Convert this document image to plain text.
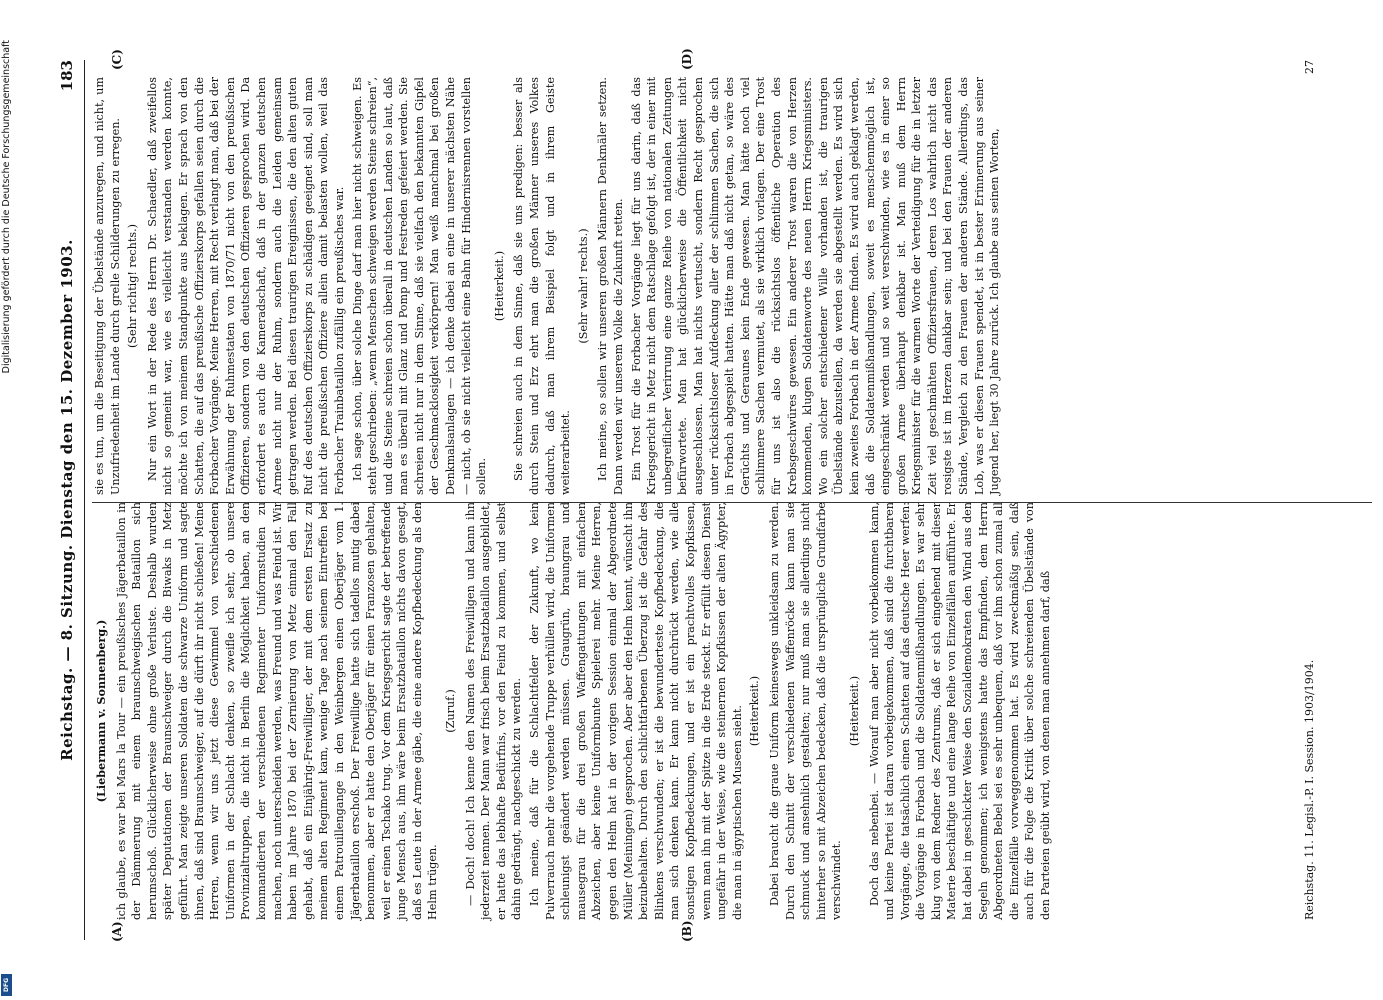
Reichstag. — 8. Sitzung. Dienstag den 15. Dezember 1903.
183
(A)	(B)
(C)	(D)

(Liebermann v. Sonnenberg.) ich glaube, es war bei Mars la Tour — ein preußisches Jägerbataillon in der Dämmerung mit einem braunschweigischen Bataillon sich herumschoß. Glücklicherweise ohne große Verluste. Deshalb wurden später Deputationen der Braunschweiger durch die Biwaks in Metz geführt. Man zeigte unseren Soldaten die schwarze Uniform und sagte ihnen, daß sind Braunschweiger, auf die dürft ihr nicht schießen! Meine Herren, wenn wir uns jetzt diese Gewimmel von verschiedenen Uniformen in der Schlacht denken, so zweifle ich sehr, ob unsere Provinzialtruppen, die nicht in Berlin die Möglichkeit haben, an den kommandierten der verschiedenen Regimenter Uniformstudien zu machen, noch unterscheiden werden, was Freund und was Feind ist. Wir haben im Jahre 1870 bei der Zernierung von Metz einmal den Fall gehabt, daß ein Einjährig-Freiwilliger, der mit dem ersten Ersatz zu meinem alten Regiment kam, wenige Tage nach seinem Eintreffen bei einem Patrouillengange in den Weinbergen einen Oberjäger vom 1. Jägerbataillon erschoß. Der Freiwillige hatte sich tadellos mutig dabei benommen, aber er hatte den Oberjäger für einen Franzosen gehalten, weil er einen Tschako trug. Vor dem Kriegsgericht sagte der betreffende junge Mensch aus, ihm wäre beim Ersatzbataillon nichts davon gesagt, daß es Leute in der Armee gäbe, die eine andere Kopfbedeckung als den Helm trügen.

(Zuruf.) — Doch! doch! Ich kenne den Namen des Freiwilligen und kann ihn jederzeit nennen. Der Mann war frisch beim Ersatzbataillon ausgebildet, er hatte das lebhafte Bedürfnis, vor den Feind zu kommen, und selbst dahin gedrängt, nachgeschickt zu werden. Ich meine, daß für die Schlachtfelder der Zukunft, wo kein Pulverrauch mehr die vorgehende Truppe verhüllen wird, die Uniformen schleunigst geändert werden müssen. Graugrün, braungrau und mausegrau für die drei großen Waffengattungen mit einfachen Abzeichen, aber keine Uniformbunte Spielerei mehr. Meine Herren, gegen den Helm hat in der vorigen Session einmal der Abgeordnete Müller (Meiningen) gesprochen. Aber aber den Helm kennt, wünscht ihn beizubehalten. Durch den schlichtfarbenen Überzug ist die Gefahr des Blinkens verschwunden; er ist die bewunderteste Kopfbedeckung, die man sich denken kann. Er kann nicht durchrückt werden, wie alle sonstigen Kopfbedeckungen, und er ist ein prachtvolles Kopfkissen, wenn man ihn mit der Spitze in die Erde steckt. Er erfüllt diesen Dienst ungefähr in der Weise, wie die steinernen Kopfkissen der alten Ägypter, die man in ägyptischen Museen sieht. (Heiterkeit.) Dabei braucht die graue Uniform keineswegs unkleidsam zu werden. Durch den Schnitt der verschiedenen Waffenröcke kann man sie schmuck und ansehnlich gestalten; nur muß man sie allerdings nicht hinterher so mit Abzeichen bedecken, daß die ursprüngliche Grundfarbe verschwindet.

(Heiterkeit.) Doch das nebenbei. — Worauf man aber nicht vorbeikommen kann, und keine Partei ist daran vorbeigekommen, daß sind die furchtbaren Vorgänge, die tatsächlich einen Schatten auf das deutsche Heer werfen: die Vorgänge in Forbach und die Soldatenmißhandlungen. Es war sehr klug von dem Redner des Zentrums, daß er sich eingehend mit dieser Materie beschäftigte und eine lange Reihe von Einzelfällen aufführte. Er hat dabei in geschickter Weise den Sozialdemokraten den Wind aus den Segeln genommen; ich wenigstens hatte das Empfinden, dem Herrn Abgeordneten Bebel sei es sehr unbequem, daß vor ihm schon zumal all die Einzelfälle vorweggenommen hat. Es wird zweckmäßig sein, daß auch für die Folge die Kritik über solche schreienden Übelstände von den Parteien geübt wird, von denen man annehmen darf, daß

sie es tun, um die Beseitigung der Übelstände anzuregen, und nicht, um Unzufriedenheit im Lande durch grelle Schilderungen zu erregen. (Sehr richtig! rechts.) Nur ein Wort in der Rede des Herrn Dr. Schaedler, daß zweifellos nicht so gemeint war, wie es vielleicht verstanden werden konnte, möchte ich von meinem Standpunkte aus beklagen. Er sprach von den Schatten, die auf das preußische Offizierskorps gefallen seien durch die Forbacher Vorgänge. Meine Herren, mit Recht verlangt man, daß bei der Erwähnung der Ruhmestaten von 1870/71 nicht von den preußischen Offizieren, sondern von den deutschen Offizieren gesprochen wird. Da erfordert es auch die Kameradschaft, daß in der ganzen deutschen Armee nicht nur der Ruhm, sondern auch die Leiden gemeinsam getragen werden. Bei diesen traurigen Ereignissen, die den alten guten Ruf des deutschen Offizierskorps zu schädigen geeignet sind, soll man nicht die preußischen Offiziere allein damit belasten wollen, weil das Forbacher Trainbataillon zufällig ein preußisches war. Ich sage schon, über solche Dinge darf man hier nicht schweigen. Es steht geschrieben: „wenn Menschen schweigen werden Steine schreien“, und die Steine schreien schon überall in deutschen Landen so laut, daß man es überall mit Glanz und Pomp und Festreden gefeiert werden. Sie schreien nicht nur in dem Sinne, daß sie vielfach den bekannten Gipfel der Geschmacklosigkeit verkörpern! Man weiß manchmal bei großen Denkmalsanlagen — ich denke dabei an eine in unserer nächsten Nähe — nicht, ob sie nicht vielleicht eine Bahn für Hindernisrennen vorstellen sollen.

(Heiterkeit.) Sie schreien auch in dem Sinne, daß sie uns predigen: besser als durch Stein und Erz ehrt man die großen Männer unseres Volkes dadurch, daß man ihrem Beispiel folgt und in ihrem Geiste weiterarbeitet.

(Sehr wahr! rechts.) Ich meine, so sollen wir unseren großen Männern Denkmäler setzen. Dann werden wir unserem Volke die Zukunft retten. Ein Trost für die Forbacher Vorgänge liegt für uns darin, daß das Kriegsgericht in Metz nicht dem Ratschlage gefolgt ist, der in einer mit unbegreiflicher Verirrung eine ganze Reihe von nationalen Zeitungen befürwortete. Man hat glücklicherweise die Öffentlichkeit nicht ausgeschlossen. Man hat nichts vertuscht, sondern Recht gesprochen unter rücksichtsloser Aufdeckung aller der schlimmen Sachen, die sich in Forbach abgespielt hatten. Hätte man daß nicht getan, so wäre des Gerüchts und Geraunes kein Ende gewesen. Man hätte noch viel schlimmere Sachen vermutet, als sie wirklich vorlagen. Der eine Trost für uns ist also die rücksichtslos öffentliche Operation des Krebsgeschwüres gewesen. Ein anderer Trost waren die von Herzen kommenden, klugen Soldatenworte des neuen Herrn Kriegsministers. Wo ein solcher entschiedener Wille vorhanden ist, die traurigen Übelstände abzustellen, da werden sie abgestellt werden. Es wird sich kein zweites Forbach in der Armee finden. Es wird auch geklagt werden, daß die Soldatenmißhandlungen, soweit es menschenmöglich ist, eingeschränkt werden und so weit verschwinden, wie es in einer so großen Armee überhaupt denkbar ist. Man muß dem Herrn Kriegsminister für die warmen Worte der Verteidigung für die in letzter Zeit viel geschmähten Offiziersfrauen, deren Los wahrlich nicht das rosigste ist im Herzen dankbar sein; und bei den Frauen der anderen Stände, Vergleich zu den Frauen der anderen Stände. Allerdings, das Lob, was er diesen Frauen spendet, ist in bester Erinnerung aus seiner Jugend her, liegt 30 Jahre zurück. Ich glaube aus seinen Worten,

Reichstag. 11. Legisl.-P. I. Session. 1903/1904.
27
Digitalisierung gefördert durch die Deutsche Forschungsgemeinschaft
DFG
